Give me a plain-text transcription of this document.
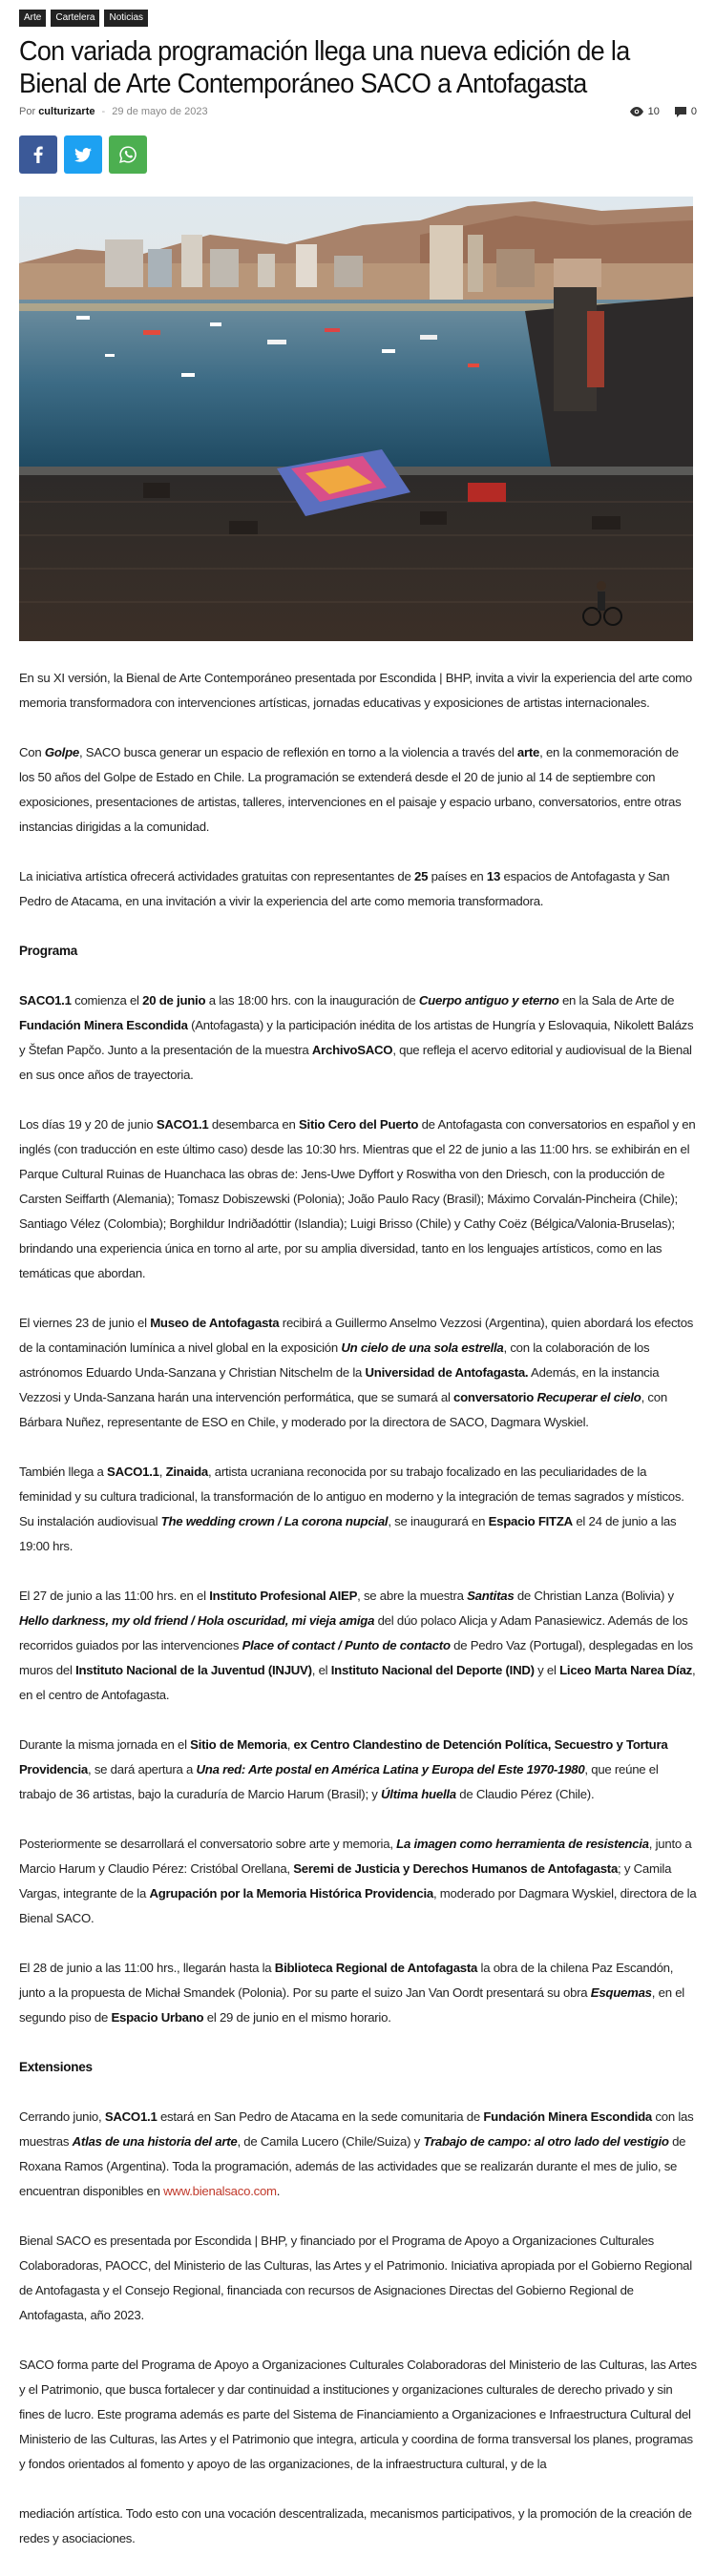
Arte	Cartelera	Noticias
Con variada programación llega una nueva edición de la Bienal de Arte Contemporáneo SACO a Antofagasta
Por culturizarte - 29 de mayo de 2023	10	0

En su XI versión, la Bienal de Arte Contemporáneo presentada por Escondida | BHP, invita a vivir la experiencia del arte como memoria transformadora con intervenciones artísticas, jornadas educativas y exposiciones de artistas internacionales.

Con Golpe, SACO busca generar un espacio de reflexión en torno a la violencia a través del arte, en la conmemoración de los 50 años del Golpe de Estado en Chile. La programación se extenderá desde el 20 de junio al 14 de septiembre con exposiciones, presentaciones de artistas, talleres, intervenciones en el paisaje y espacio urbano, conversatorios, entre otras instancias dirigidas a la comunidad.

La iniciativa artística ofrecerá actividades gratuitas con representantes de 25 países en 13 espacios de Antofagasta y San Pedro de Atacama, en una invitación a vivir la experiencia del arte como memoria transformadora.

Programa

SACO1.1 comienza el 20 de junio a las 18:00 hrs. con la inauguración de Cuerpo antiguo y eterno en la Sala de Arte de Fundación Minera Escondida (Antofagasta) y la participación inédita de los artistas de Hungría y Eslovaquia, Nikolett Balázs y Štefan Papčo. Junto a la presentación de la muestra ArchivoSACO, que refleja el acervo editorial y audiovisual de la Bienal en sus once años de trayectoria.

Los días 19 y 20 de junio SACO1.1 desembarca en Sitio Cero del Puerto de Antofagasta con conversatorios en español y en inglés (con traducción en este último caso) desde las 10:30 hrs. Mientras que el 22 de junio a las 11:00 hrs. se exhibirán en el Parque Cultural Ruinas de Huanchaca las obras de: Jens-Uwe Dyffort y Roswitha von den Driesch, con la producción de Carsten Seiffarth (Alemania); Tomasz Dobiszewski (Polonia); João Paulo Racy (Brasil); Máximo Corvalán-Pincheira (Chile); Santiago Vélez (Colombia); Borghildur Indriðadóttir (Islandia); Luigi Brisso (Chile) y Cathy Coëz (Bélgica/Valonia-Bruselas); brindando una experiencia única en torno al arte, por su amplia diversidad, tanto en los lenguajes artísticos, como en las temáticas que abordan.

El viernes 23 de junio el Museo de Antofagasta recibirá a Guillermo Anselmo Vezzosi (Argentina), quien abordará los efectos de la contaminación lumínica a nivel global en la exposición Un cielo de una sola estrella, con la colaboración de los astrónomos Eduardo Unda-Sanzana y Christian Nitschelm de la Universidad de Antofagasta. Además, en la instancia Vezzosi y Unda-Sanzana harán una intervención performática, que se sumará al conversatorio Recuperar el cielo, con Bárbara Nuñez, representante de ESO en Chile, y moderado por la directora de SACO, Dagmara Wyskiel.

También llega a SACO1.1, Zinaida, artista ucraniana reconocida por su trabajo focalizado en las peculiaridades de la feminidad y su cultura tradicional, la transformación de lo antiguo en moderno y la integración de temas sagrados y místicos. Su instalación audiovisual The wedding crown / La corona nupcial, se inaugurará en Espacio FITZA el 24 de junio a las 19:00 hrs.

El 27 de junio a las 11:00 hrs. en el Instituto Profesional AIEP, se abre la muestra Santitas de Christian Lanza (Bolivia) y Hello darkness, my old friend / Hola oscuridad, mi vieja amiga del dúo polaco Alicja y Adam Panasiewicz. Además de los recorridos guiados por las intervenciones Place of contact / Punto de contacto de Pedro Vaz (Portugal), desplegadas en los muros del Instituto Nacional de la Juventud (INJUV), el Instituto Nacional del Deporte (IND) y el Liceo Marta Narea Díaz, en el centro de Antofagasta.

Durante la misma jornada en el Sitio de Memoria, ex Centro Clandestino de Detención Política, Secuestro y Tortura Providencia, se dará apertura a Una red: Arte postal en América Latina y Europa del Este 1970-1980, que reúne el trabajo de 36 artistas, bajo la curaduría de Marcio Harum (Brasil); y Última huella de Claudio Pérez (Chile).

Posteriormente se desarrollará el conversatorio sobre arte y memoria, La imagen como herramienta de resistencia, junto a Marcio Harum y Claudio Pérez: Cristóbal Orellana, Seremi de Justicia y Derechos Humanos de Antofagasta; y Camila Vargas, integrante de la Agrupación por la Memoria Histórica Providencia, moderado por Dagmara Wyskiel, directora de la Bienal SACO.

El 28 de junio a las 11:00 hrs., llegarán hasta la Biblioteca Regional de Antofagasta la obra de la chilena Paz Escandón, junto a la propuesta de Michał Smandek (Polonia). Por su parte el suizo Jan Van Oordt presentará su obra Esquemas, en el segundo piso de Espacio Urbano el 29 de junio en el mismo horario.

Extensiones

Cerrando junio, SACO1.1 estará en San Pedro de Atacama en la sede comunitaria de Fundación Minera Escondida con las muestras Atlas de una historia del arte, de Camila Lucero (Chile/Suiza) y Trabajo de campo: al otro lado del vestigio de Roxana Ramos (Argentina). Toda la programación, además de las actividades que se realizarán durante el mes de julio, se encuentran disponibles en www.bienalsaco.com.

Bienal SACO es presentada por Escondida | BHP, y financiado por el Programa de Apoyo a Organizaciones Culturales Colaboradoras, PAOCC, del Ministerio de las Culturas, las Artes y el Patrimonio. Iniciativa apropiada por el Gobierno Regional de Antofagasta y el Consejo Regional, financiada con recursos de Asignaciones Directas del Gobierno Regional de Antofagasta, año 2023.

SACO forma parte del Programa de Apoyo a Organizaciones Culturales Colaboradoras del Ministerio de las Culturas, las Artes y el Patrimonio, que busca fortalecer y dar continuidad a instituciones y organizaciones culturales de derecho privado y sin fines de lucro. Este programa además es parte del Sistema de Financiamiento a Organizaciones e Infraestructura Cultural del Ministerio de las Culturas, las Artes y el Patrimonio que integra, articula y coordina de forma transversal los planes, programas y fondos orientados al fomento y apoyo de las organizaciones, de la infraestructura cultural, y de la

mediación artística. Todo esto con una vocación descentralizada, mecanismos participativos, y la promoción de la creación de redes y asociaciones.
